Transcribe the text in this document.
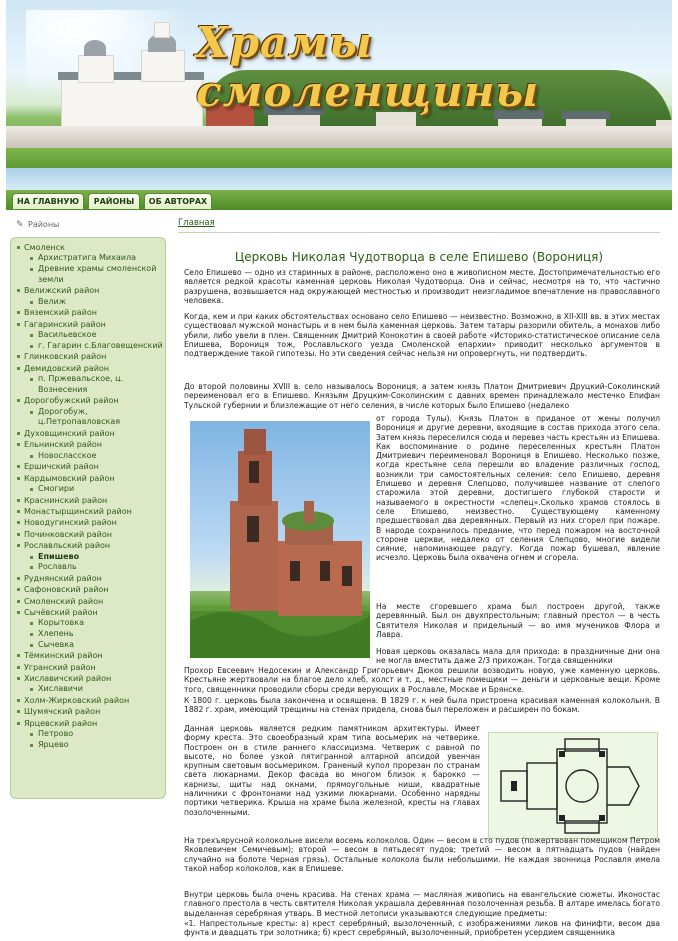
Храмы смоленщины
НА ГЛАВНУЮ	РАЙОНЫ	ОБ АВТОРАХ
✎ Районы
Смоленск
Архистратига Михаила
Древние храмы смоленской земли
Велижский район
Велиж
Вяземский район
Гагаринский район
Васильевское
г. Гагарин с.Благовещенский
Глинковский район
Демидовский район
п. Пржевальское, ц. Вознесения
Дорогобужский район
Дорогобуж, ц.Петропавловская
Духовщинский район
Ельнинский район
Новосласское
Ершичский район
Кардымовский район
Смогири
Краснинский район
Монастырщинский район
Новодугинский район
Починковский район
Рославльский район
Епишево
Рославль
Руднянский район
Сафоновский район
Смоленский район
Сычёвский район
Корытовка
Хлепень
Сычевка
Тёмкинский район
Угранский район
Хиславичский район
Хиславичи
Холм-Жирковский район
Шумячский район
Ярцевский район
Петрово
Ярцево
Главная
Церковь Николая Чудотворца в селе Епишево (Ворониця)

Село Епишево — одно из старинных в районе, расположено оно в живописном месте. Достопримечательностью его является редкой красоты каменная церковь Николая Чудотворца. Она и сейчас, несмотря на то, что частично разрушена, возвышается над окружающей местностью и производит неизгладимое впечатление на православного человека.

Когда, кем и при каких обстоятельствах основано село Епишево — неизвестно. Возможно, в XII-XIII вв. в этих местах существовал мужской монастырь и в нем была каменная церковь. Затем татары разорили обитель, а монахов либо убили, либо увели в плен. Священник Дмитрий Конокотин в своей работе «Историко-статистическое описание села Епишева, Ворониця тож, Рославльского уезда Смоленской епархии» приводит несколько аргументов в подтверждение такой гипотезы. Но эти сведения сейчас нельзя ни опровергнуть, ни подтвердить.

До второй половины XVIII в. село называлось Ворониця, а затем князь Платон Дмитриевич Друцкий-Соколинский переименовал его в Епишево. Князьям Друцким-Соколинским с давних времен принадлежало местечко Епифан Тульской губернии и близлежащие от него селения, в числе которых было Епишево (недалеко

от города Тулы). Князь Платон в приданое от жены получил Ворониця и другие деревни, входящие в состав прихода этого села. Затем князь переселился сюда и перевез часть крестьян из Епишева. Как воспоминание о родине переселенных крестьян Платон Дмитриевич переименовал Ворониця в Епишево. Несколько позже, когда крестьяне села перешли во владение различных господ, возникли три самостоятельных селения: село Епишево, деревня Епишево и деревня Слепцово, получившее название от слепого старожила этой деревни, достигшего глубокой старости и называемого в окрестности «слепец».Сколько храмов стоялось в селе Епишево, неизвестно. Существующему каменному предшествовал два деревянных. Первый из них сгорел при пожаре. В народе сохранилось предание, что перед пожаром на восточной стороне церкви, недалеко от селения Слепцово, многие видели сияние, напоминающее радугу. Когда пожар бушевал, явление исчезло. Церковь была охвачена огнем и сгорела.

На месте сгоревшего храма был построен другой, также деревянный. Был он двухпрестольным: главный престол — в честь Святителя Николая и придельный — во имя мучеников Флора и Лавра.

Новая церковь оказалась мала для прихода: в праздничные дни она не могла вместить даже 2/3 прихожан. Тогда священники

Прохор Евсеевич Недосекин и Александр Григорьевич Дюков решили возводить новую, уже каменную церковь. Крестьяне жертвовали на благое дело хлеб, холст и т. д., местные помещики — деньги и церковные вещи. Кроме того, священники проводили сборы среди верующих в Рославле, Москве и Брянске.

К 1800 г. церковь была закончена и освящена. В 1829 г. к ней была пристроена красивая каменная колокольня. В 1882 г. храм, имеющий трещины на стенах придела, снова был переложен и расширен по бокам.

Данная церковь является редким памятником архитектуры. Имеет форму креста. Это своеобразный храм типа восьмерик на четверике. Построен он в стиле раннего классицизма. Четверик с равной по высоте, но более узкой пятигранной алтарной апсидой увенчан крупным световым восьмериком. Граненый купол прорезан по странам света люкарнами. Декор фасада во многом близок к барокко — карнизы, щиты над окнами, прямоугольные ниши, квадратные наличники с фронтонами над узкими люкарнами. Особенно нарядны портики четверика. Крыша на храме была железной, кресты на главах позолоченными.

На трехъярусной колокольне висели восемь колоколов. Один — весом в сто пудов (пожертвован помещиком Петром Яковлевичем Семичевым); второй — весом в пятьдесят пудов; третий — весом в пятнадцать пудов (найден случайно на болоте Черная грязь). Остальные колокола были небольшими. Не каждая звонница Рославля имела такой набор колоколов, как в Епишеве.

Внутри церковь была очень красива. На стенах храма — масляная живопись на евангельские сюжеты. Иконостас главного престола в честь святителя Николая украшала деревянная позолоченная резьба. В алтаре имелась богато выделанная серебряная утварь. В местной летописи указываются следующие предметы:

«1. Напрестольные кресты: а) крест серебряный, вызолоченный, с изображениями ликов на финифти, весом два фунта и двадцать три золотника; б) крест серебряный, вызолоченный, приобретен усердием священника
